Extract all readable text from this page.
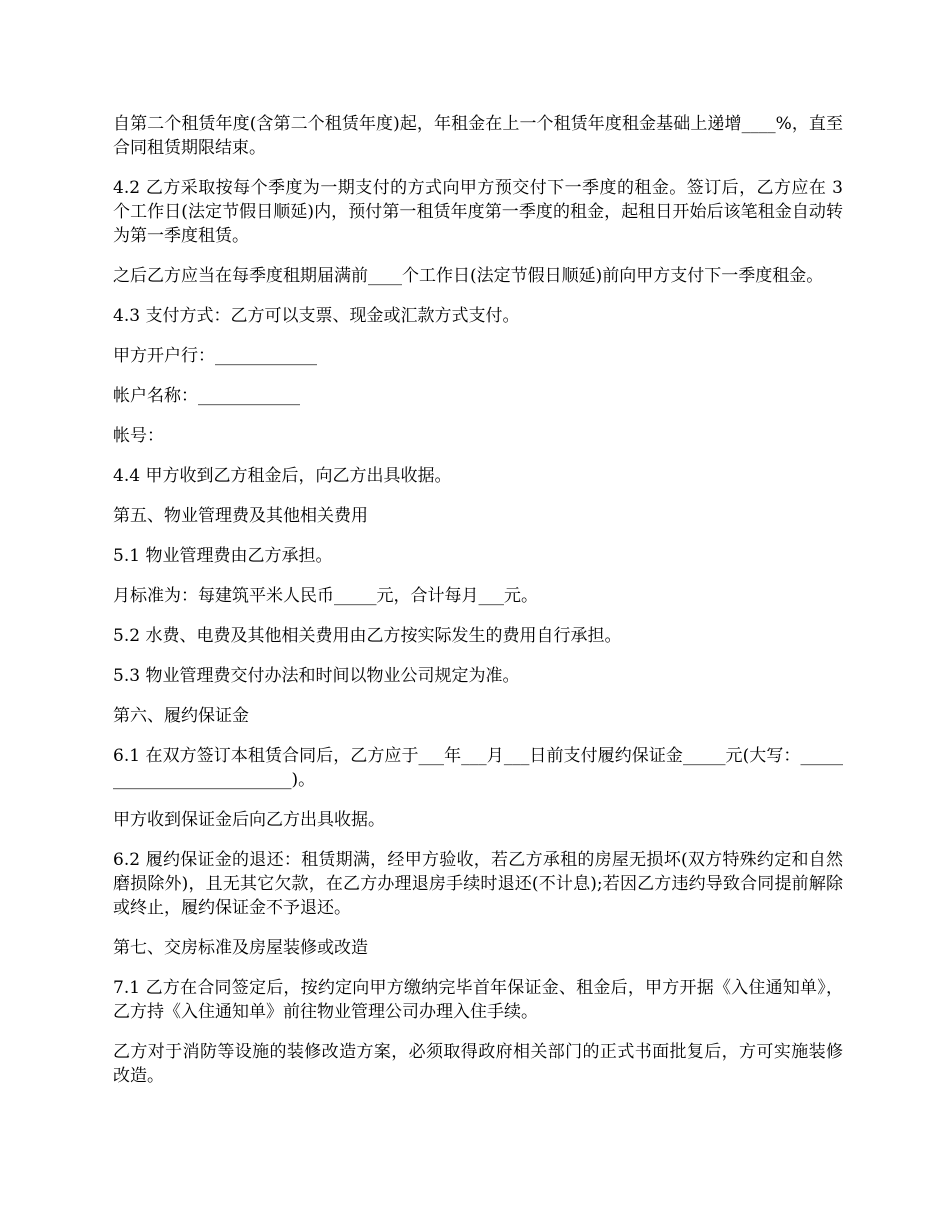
自第二个租赁年度(含第二个租赁年度)起，年租金在上一个租赁年度租金基础上递增____%，直至合同租赁期限结束。

4.2 乙方采取按每个季度为一期支付的方式向甲方预交付下一季度的租金。签订后，乙方应在 3 个工作日(法定节假日顺延)内，预付第一租赁年度第一季度的租金，起租日开始后该笔租金自动转为第一季度租赁。

之后乙方应当在每季度租期届满前____个工作日(法定节假日顺延)前向甲方支付下一季度租金。

4.3 支付方式：乙方可以支票、现金或汇款方式支付。

甲方开户行：____________

帐户名称：____________

帐号：

4.4 甲方收到乙方租金后，向乙方出具收据。

第五、物业管理费及其他相关费用

5.1 物业管理费由乙方承担。

月标准为：每建筑平米人民币_____元，合计每月___元。

5.2 水费、电费及其他相关费用由乙方按实际发生的费用自行承担。

5.3 物业管理费交付办法和时间以物业公司规定为准。

第六、履约保证金

6.1 在双方签订本租赁合同后，乙方应于___年___月___日前支付履约保证金_____元(大写：__________________________)。

甲方收到保证金后向乙方出具收据。

6.2 履约保证金的退还：租赁期满，经甲方验收，若乙方承租的房屋无损坏(双方特殊约定和自然磨损除外)，且无其它欠款，在乙方办理退房手续时退还(不计息);若因乙方违约导致合同提前解除或终止，履约保证金不予退还。

第七、交房标准及房屋装修或改造

7.1 乙方在合同签定后，按约定向甲方缴纳完毕首年保证金、租金后，甲方开据《入住通知单》，乙方持《入住通知单》前往物业管理公司办理入住手续。

乙方对于消防等设施的装修改造方案，必须取得政府相关部门的正式书面批复后，方可实施装修改造。
